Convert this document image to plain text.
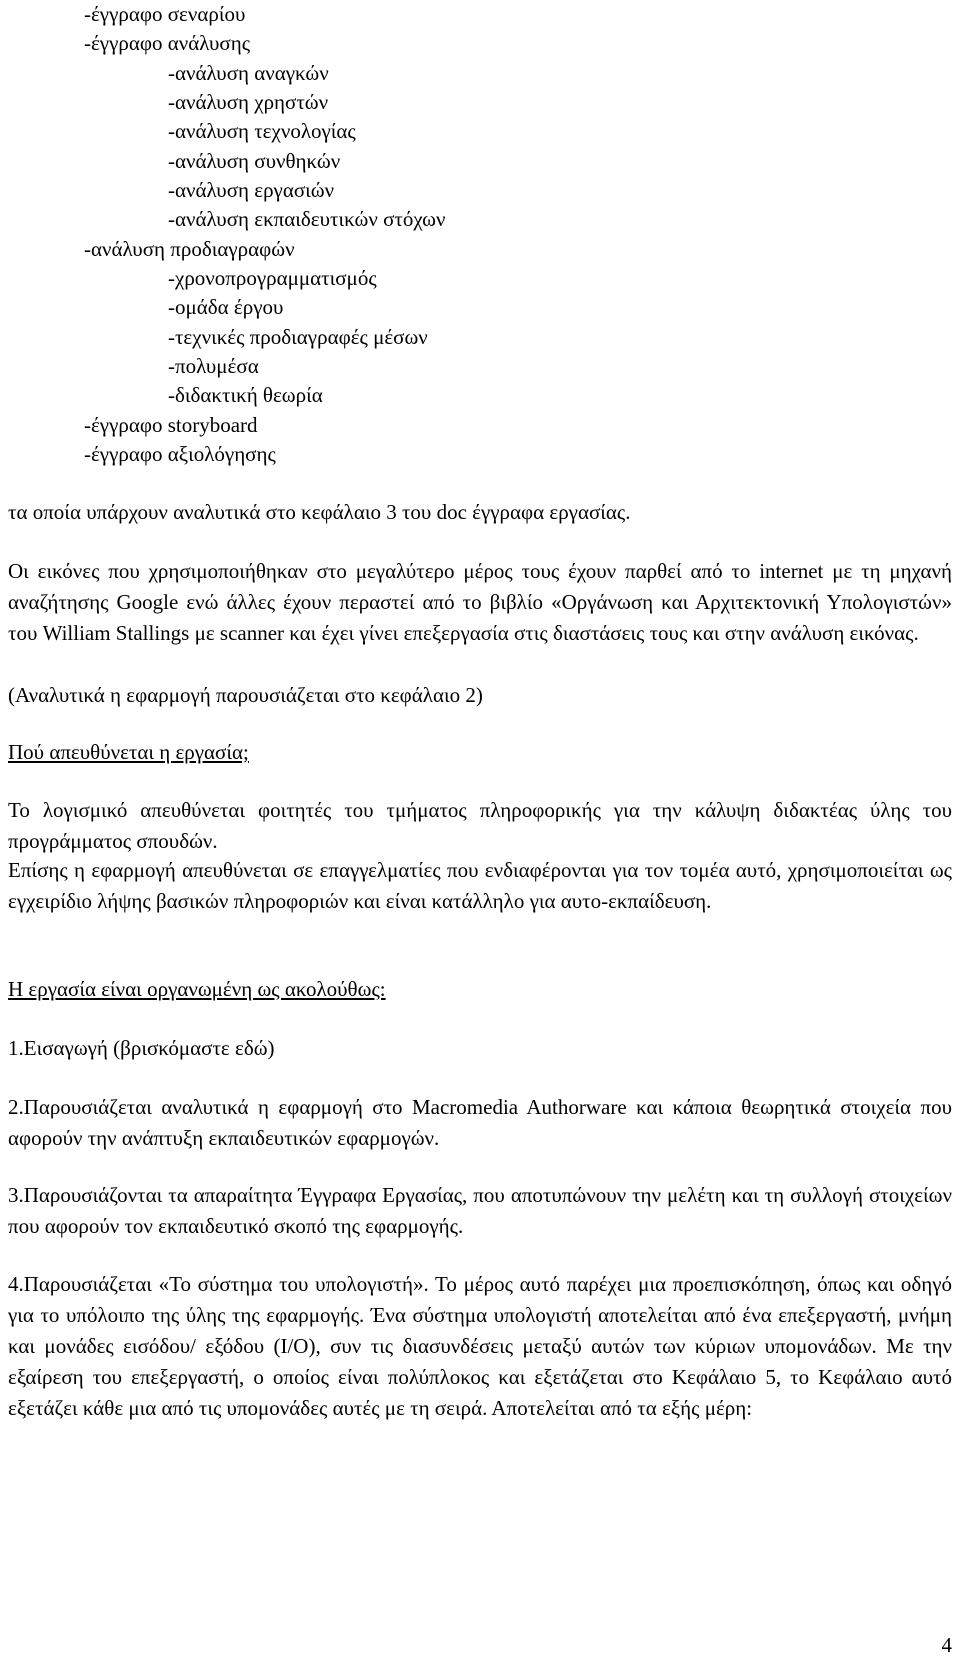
-έγγραφο σεναρίου
-έγγραφο ανάλυσης
-ανάλυση αναγκών
-ανάλυση χρηστών
-ανάλυση τεχνολογίας
-ανάλυση συνθηκών
-ανάλυση εργασιών
-ανάλυση εκπαιδευτικών στόχων
-ανάλυση προδιαγραφών
-χρονοπρογραμματισμός
-ομάδα έργου
-τεχνικές προδιαγραφές μέσων
-πολυμέσα
-διδακτική θεωρία
-έγγραφο storyboard
-έγγραφο αξιολόγησης
τα οποία υπάρχουν αναλυτικά στο κεφάλαιο 3 του doc έγγραφα εργασίας.
Οι εικόνες που χρησιμοποιήθηκαν στο μεγαλύτερο μέρος τους έχουν παρθεί από το internet με τη μηχανή αναζήτησης Google ενώ άλλες έχουν περαστεί από το βιβλίο «Οργάνωση και Αρχιτεκτονική Υπολογιστών» του William Stallings με scanner και έχει γίνει επεξεργασία στις διαστάσεις τους και στην ανάλυση εικόνας.
(Αναλυτικά η εφαρμογή παρουσιάζεται στο κεφάλαιο 2)
Πού απευθύνεται η εργασία;
Το λογισμικό απευθύνεται φοιτητές του τμήματος πληροφορικής για την κάλυψη διδακτέας ύλης του προγράμματος σπουδών.
Επίσης η εφαρμογή απευθύνεται σε επαγγελματίες που ενδιαφέρονται για τον τομέα αυτό, χρησιμοποιείται ως εγχειρίδιο λήψης βασικών πληροφοριών και είναι κατάλληλο για αυτο-εκπαίδευση.
Η εργασία είναι οργανωμένη ως ακολούθως:
1.Εισαγωγή (βρισκόμαστε εδώ)
2.Παρουσιάζεται αναλυτικά η εφαρμογή στο Macromedia Authorware και κάποια θεωρητικά στοιχεία που αφορούν την ανάπτυξη εκπαιδευτικών εφαρμογών.
3.Παρουσιάζονται τα απαραίτητα Έγγραφα Εργασίας, που αποτυπώνουν την μελέτη και τη συλλογή στοιχείων που αφορούν τον εκπαιδευτικό σκοπό της εφαρμογής.
4.Παρουσιάζεται «Το σύστημα του υπολογιστή». Το μέρος αυτό παρέχει μια προεπισκόπηση, όπως και οδηγό για το υπόλοιπο της ύλης της εφαρμογής. Ένα σύστημα υπολογιστή αποτελείται από ένα επεξεργαστή, μνήμη και μονάδες εισόδου/ εξόδου (I/O), συν τις διασυνδέσεις μεταξύ αυτών των κύριων υπομονάδων. Με την εξαίρεση του επεξεργαστή, ο οποίος είναι πολύπλοκος και εξετάζεται στο Κεφάλαιο 5, το Κεφάλαιο αυτό εξετάζει κάθε μια από τις υπομονάδες αυτές με τη σειρά. Αποτελείται από τα εξής μέρη:
4
